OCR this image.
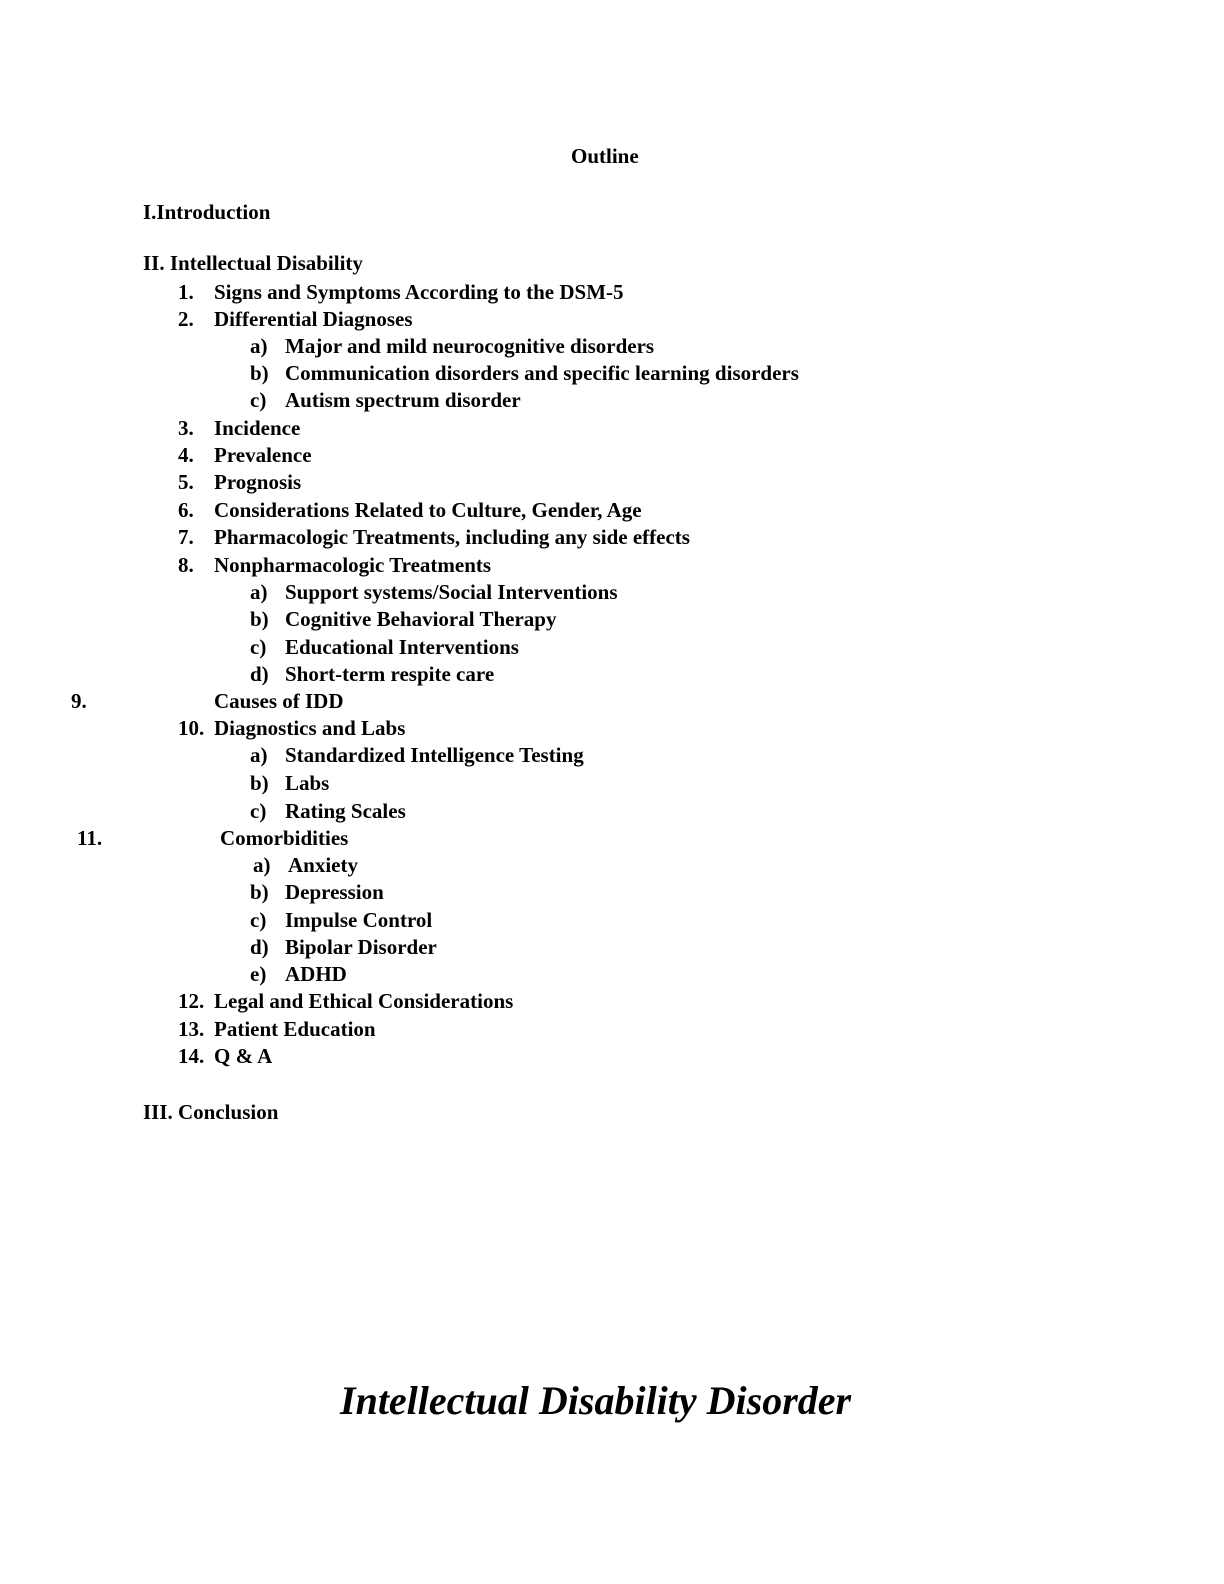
Outline
I.Introduction
II. Intellectual Disability
1. Signs and Symptoms According to the DSM-5
2. Differential Diagnoses
a) Major and mild neurocognitive disorders
b) Communication disorders and specific learning disorders
c) Autism spectrum disorder
3. Incidence
4. Prevalence
5. Prognosis
6. Considerations Related to Culture, Gender, Age
7. Pharmacologic Treatments, including any side effects
8. Nonpharmacologic Treatments
a) Support systems/Social Interventions
b) Cognitive Behavioral Therapy
c) Educational Interventions
d) Short-term respite care
9.	Causes of IDD
10. Diagnostics and Labs
a) Standardized Intelligence Testing
b) Labs
c) Rating Scales
11.	Comorbidities
a) Anxiety
b) Depression
c) Impulse Control
d) Bipolar Disorder
e) ADHD
12. Legal and Ethical Considerations
13. Patient Education
14. Q & A
III. Conclusion
Intellectual Disability Disorder
